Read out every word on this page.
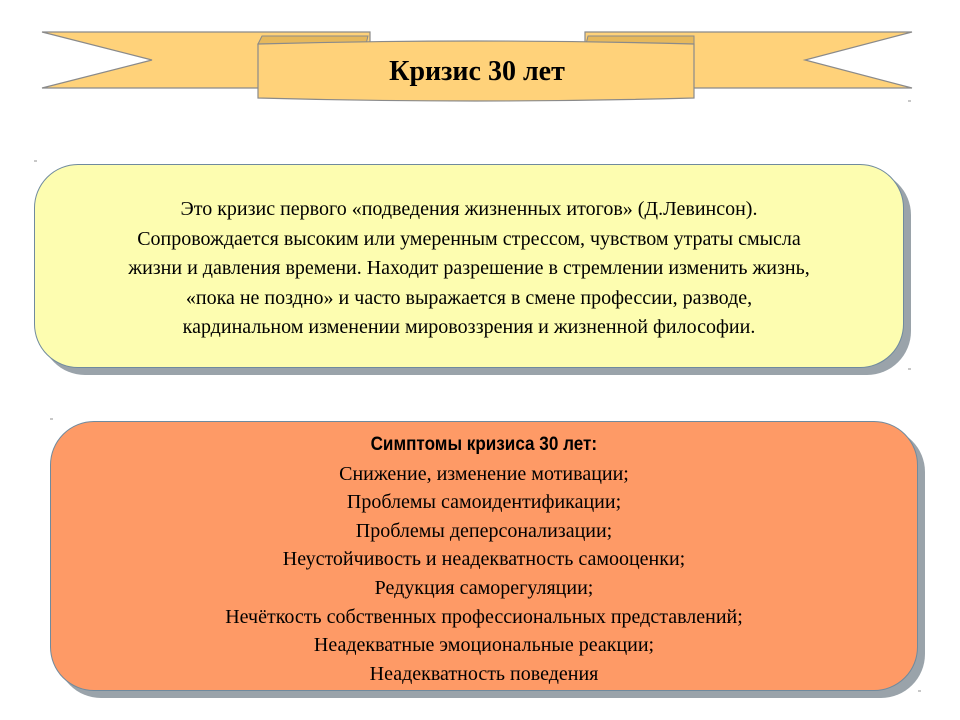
Кризис 30 лет
Это кризис первого «подведения жизненных итогов» (Д.Левинсон).
Сопровождается высоким или умеренным стрессом, чувством утраты смысла
жизни и давления времени. Находит разрешение в стремлении изменить жизнь,
«пока не поздно» и часто выражается в смене профессии, разводе,
кардинальном изменении мировоззрения и жизненной философии.
Симптомы кризиса 30 лет:
Снижение, изменение мотивации;
Проблемы самоидентификации;
Проблемы деперсонализации;
Неустойчивость и неадекватность самооценки;
Редукция саморегуляции;
Нечёткость собственных профессиональных представлений;
Неадекватные эмоциональные реакции;
Неадекватность поведения
